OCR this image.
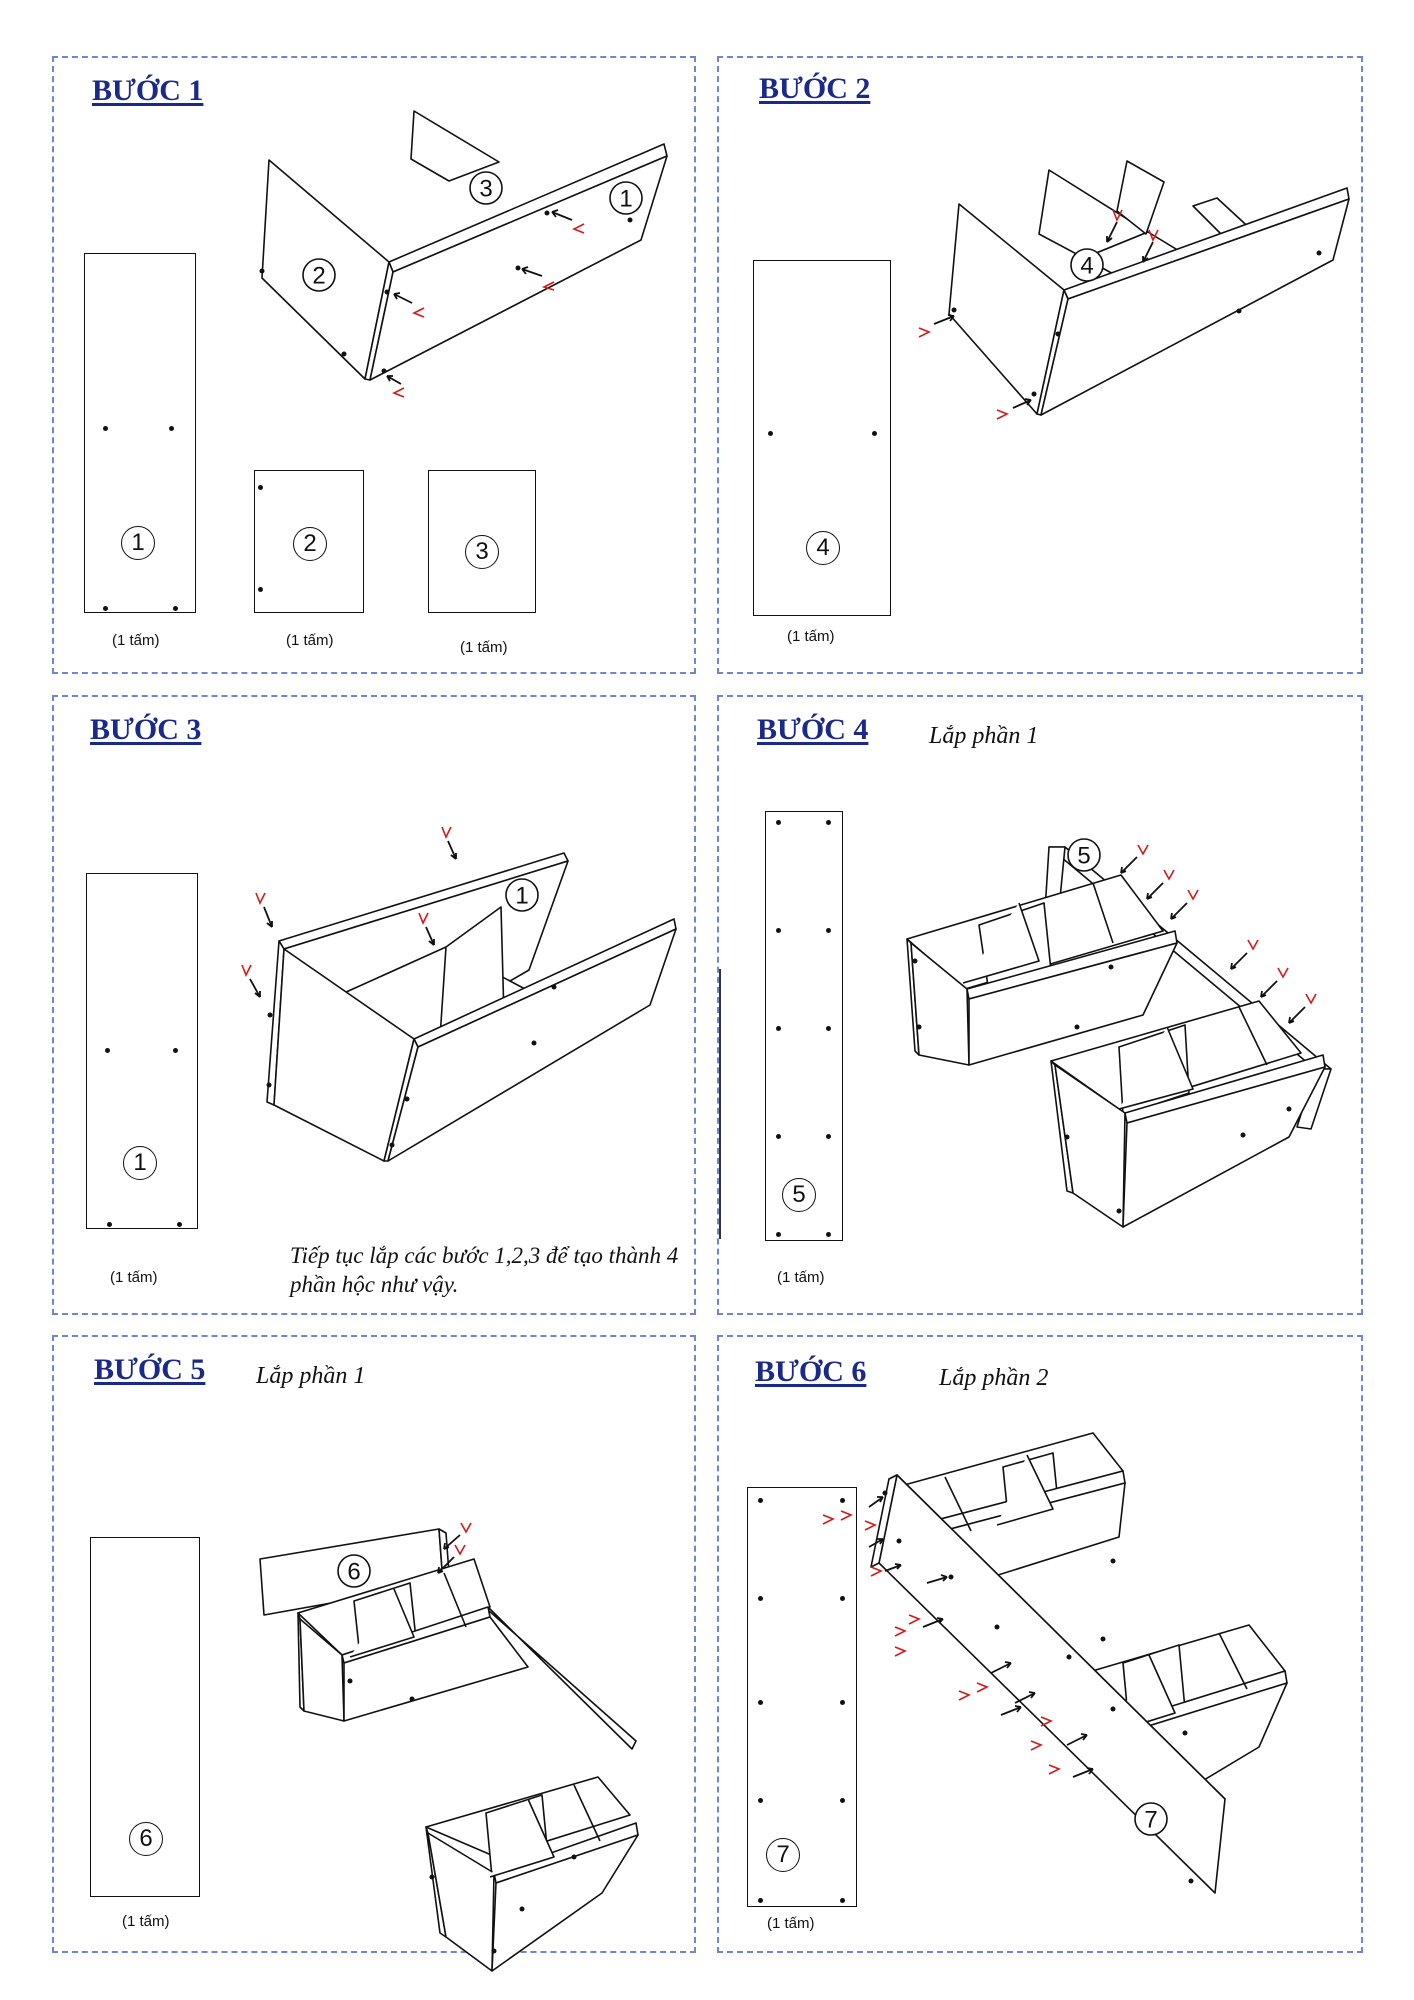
BƯỚC 1
3	1
2
1
(1 tấm)
2
(1 tấm)
3
(1 tấm)
BƯỚC 2
4
(1 tấm)
4
BƯỚC 3
1
(1 tấm)
1
Tiếp tục lắp các bước 1,2,3 để tạo thành 4 phần hộc như vậy.
BƯỚC 4	Lắp phần 1
5
(1 tấm)
5
BƯỚC 5 Lắp phần 1
6
(1 tấm)
6
BƯỚC 6	Lắp phần 2
7
(1 tấm)
7
